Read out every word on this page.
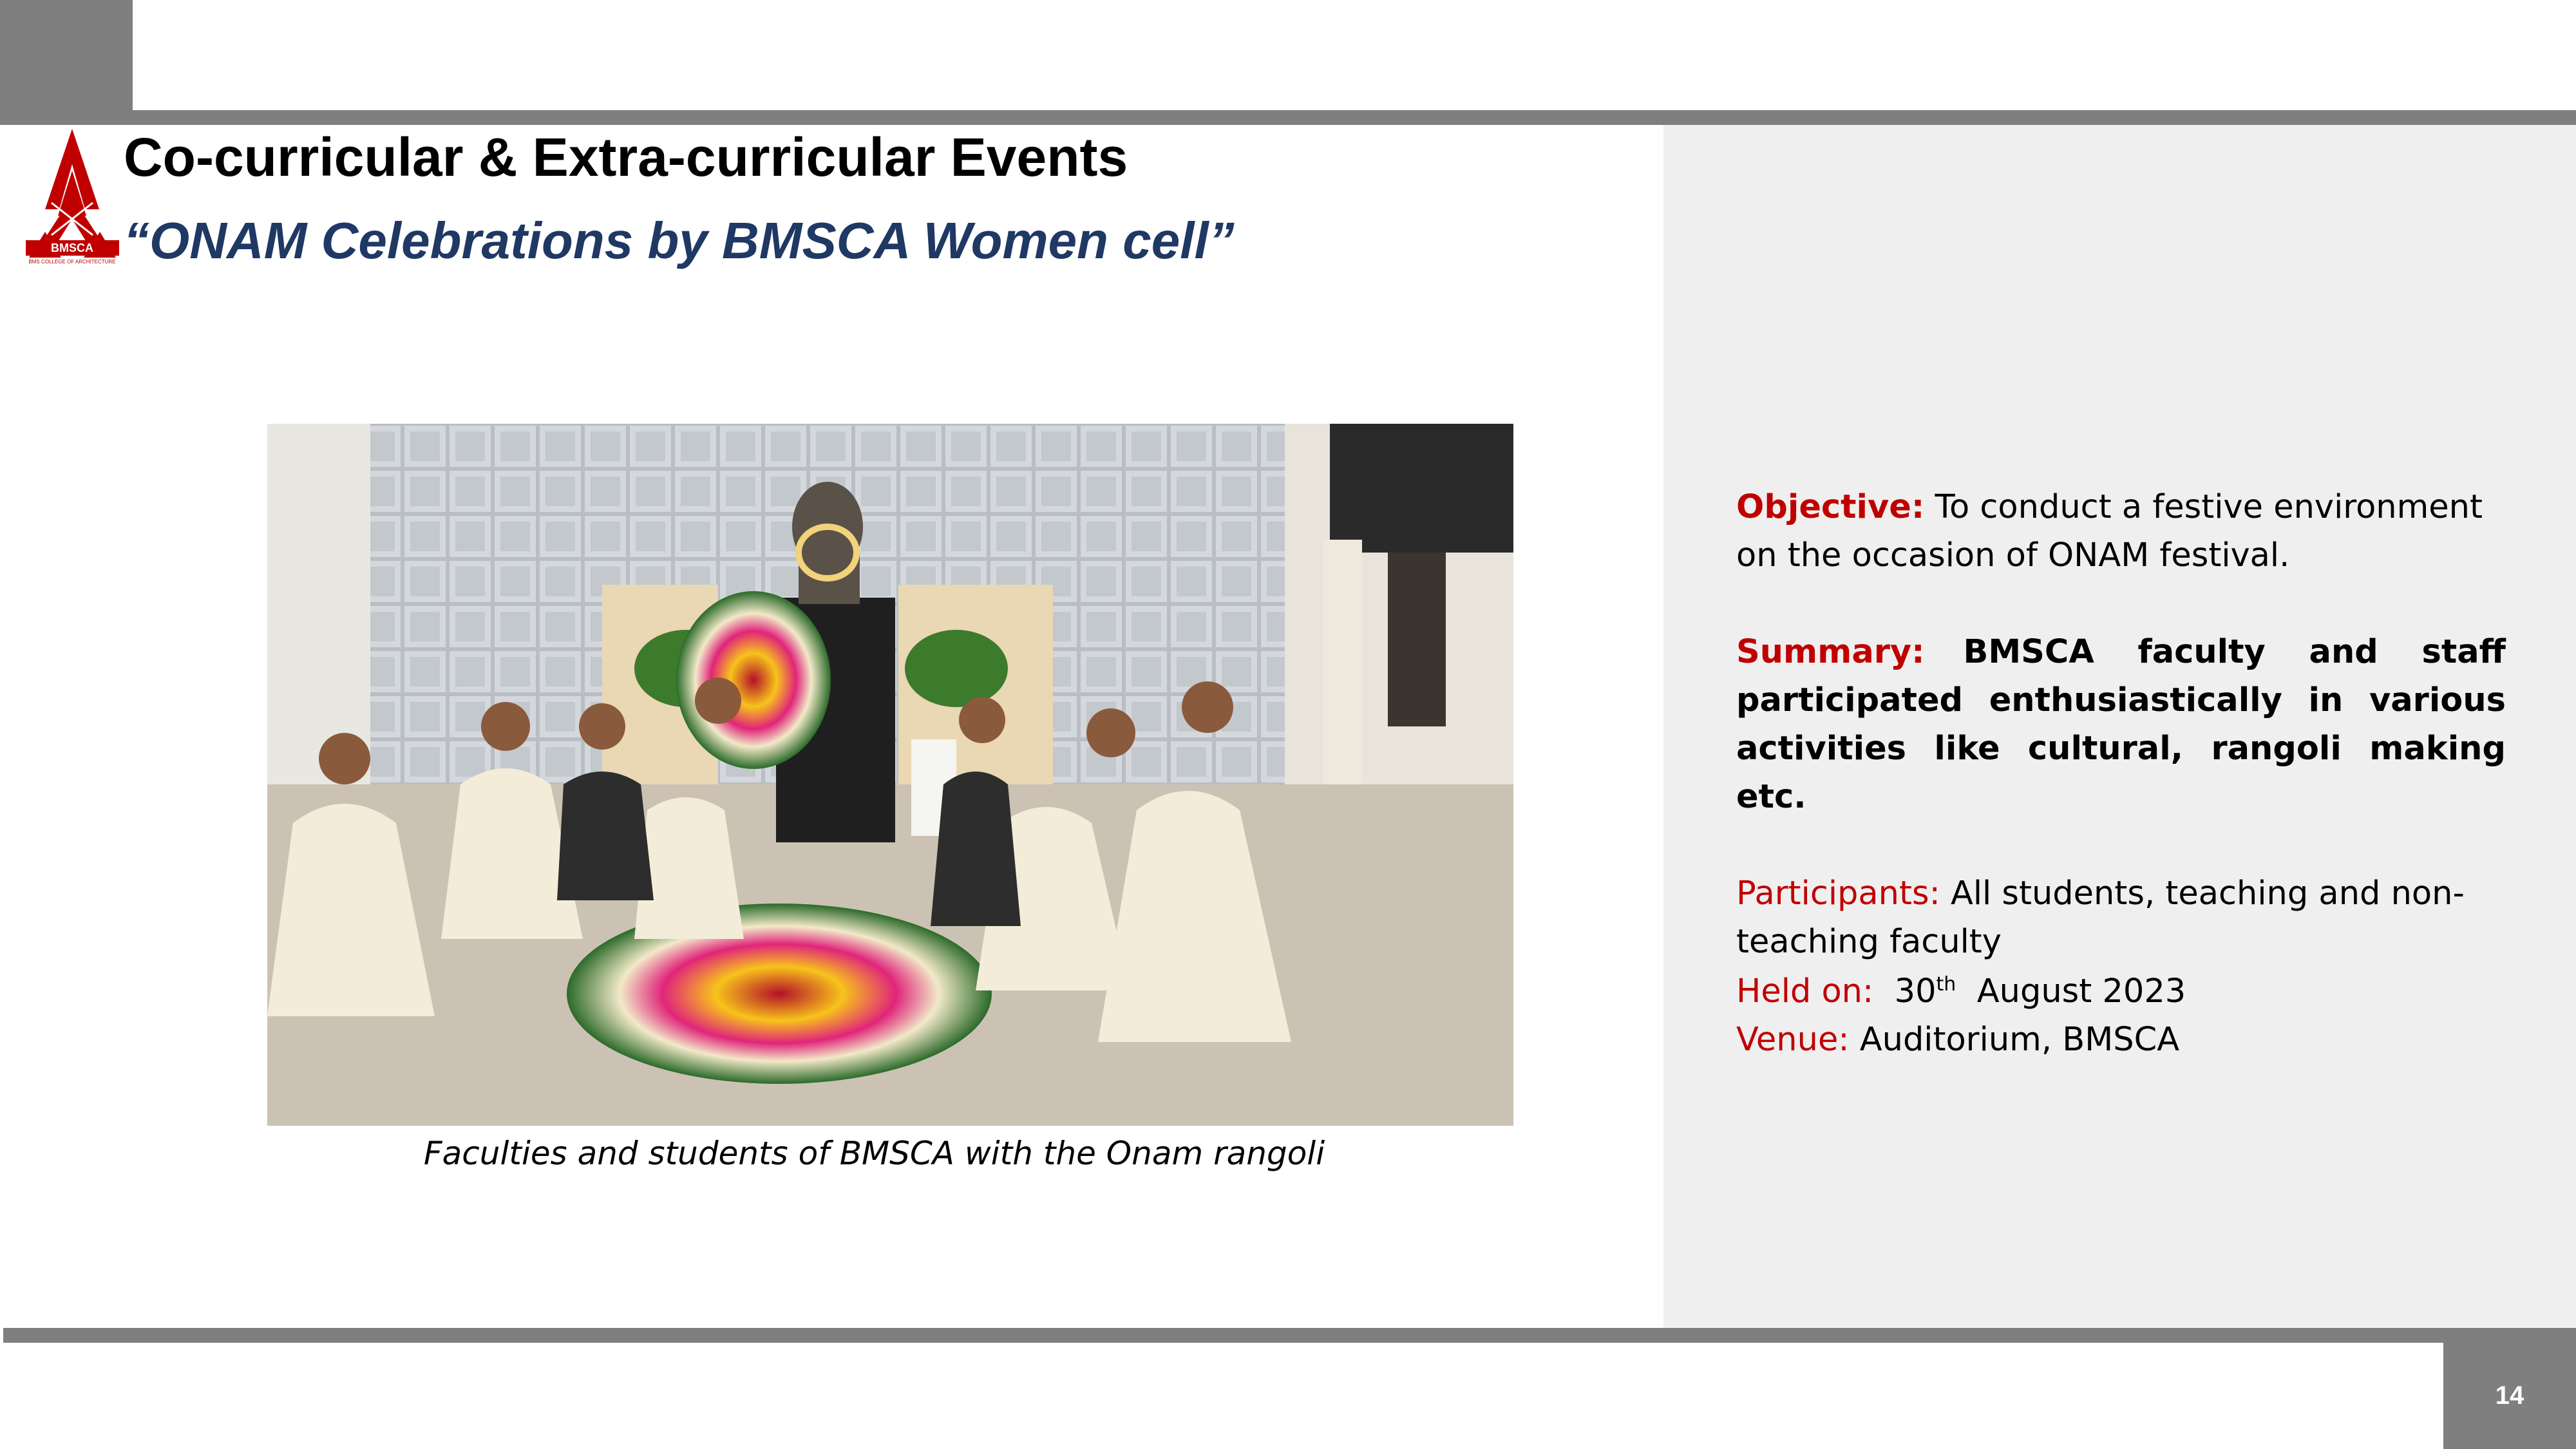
14
BMSCA
BMS COLLEGE OF ARCHITECTURE
Co-curricular & Extra-curricular Events
“ONAM Celebrations by BMSCA Women cell”
Faculties and students of BMSCA with the Onam rangoli
Objective: To conduct a festive environment on the occasion of ONAM festival.
Summary: BMSCA faculty and staff participated enthusiastically in various activities like cultural, rangoli making etc.
Participants: All students, teaching and non-teaching faculty
Held on: 30th August 2023
Venue: Auditorium, BMSCA
